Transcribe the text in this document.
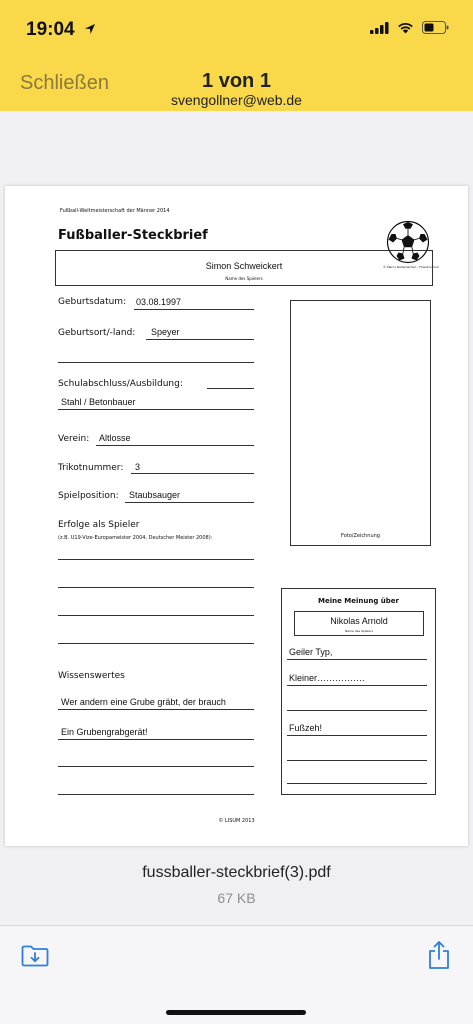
19:04
Schließen	1 von 1
svengollner@web.de
Fußball-Weltmeisterschaft der Männer 2014
Fußballer-Steckbrief
© Marco Rademacher – Freedrui.com
Simon Schweickert
Name des Spielers
Geburtsdatum: 03.08.1997
Geburtsort/-land: Speyer
Schulabschluss/Ausbildung:
Stahl / Betonbauer
Verein: Altlosse
Trikotnummer: 3
Spielposition: Staubsauger
Erfolge als Spieler
(z.B. U19-Vize-Europameister 2004, Deutscher Meister 2008):	Foto/Zeichnung
Wissenswertes
Wer andern eine Grube gräbt, der brauch
Ein Grubengrabgerät!
Meine Meinung über
Nikolas Arnold
Name des Spielers
Geiler Typ,
Kleiner…………….
Fußzeh!
© LISUM 2013
fussballer-steckbrief(3).pdf
67 KB
